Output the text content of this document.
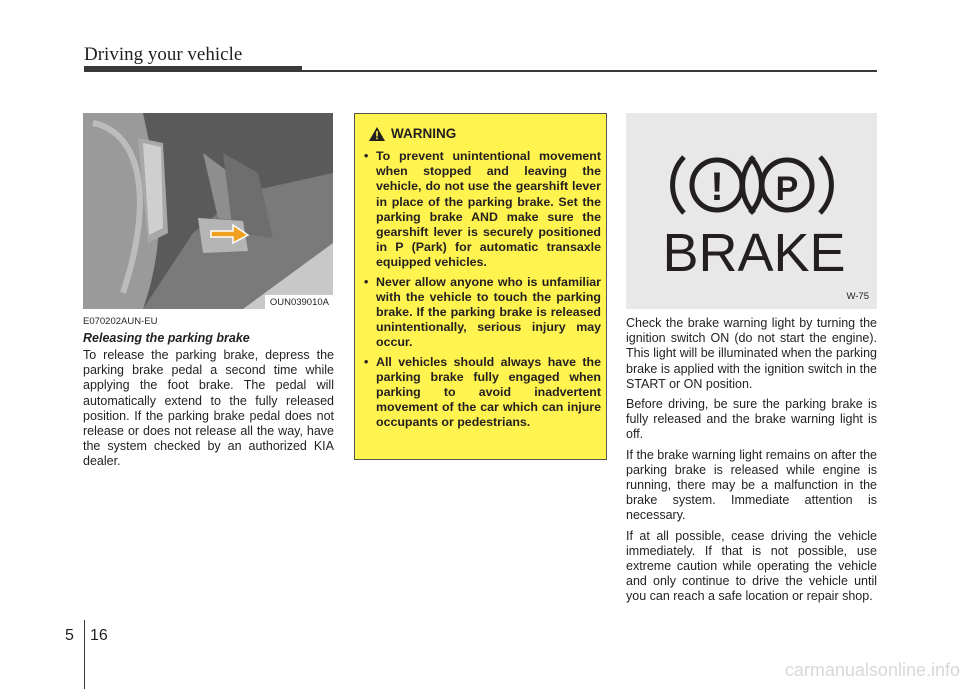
Driving your vehicle
OUN039010A
E070202AUN-EU
Releasing the parking brake

To release the parking brake, depress the parking brake pedal a second time while applying the foot brake. The pedal will automatically extend to the fully released position. If the parking brake pedal does not release or does not release all the way, have the system checked by an authorized KIA dealer.

WARNING
• To prevent unintentional movement when stopped and leaving the vehicle, do not use the gearshift lever in place of the parking brake. Set the parking brake AND make sure the gearshift lever is securely positioned in P (Park) for automatic transaxle equipped vehicles.
• Never allow anyone who is unfamiliar with the vehicle to touch the parking brake. If the parking brake is released unintentionally, serious injury may occur.
• All vehicles should always have the parking brake fully engaged when parking to avoid inadvertent movement of the car which can injure occupants or pedestrians.
! P
BRAKE
W-75

Check the brake warning light by turning the ignition switch ON (do not start the engine). This light will be illuminated when the parking brake is applied with the ignition switch in the START or ON position.

Before driving, be sure the parking brake is fully released and the brake warning light is off.

If the brake warning light remains on after the parking brake is released while engine is running, there may be a malfunction in the brake system. Immediate attention is necessary.

If at all possible, cease driving the vehicle immediately. If that is not possible, use extreme caution while operating the vehicle and only continue to drive the vehicle until you can reach a safe location or repair shop.

5 16
carmanualsonline.info
